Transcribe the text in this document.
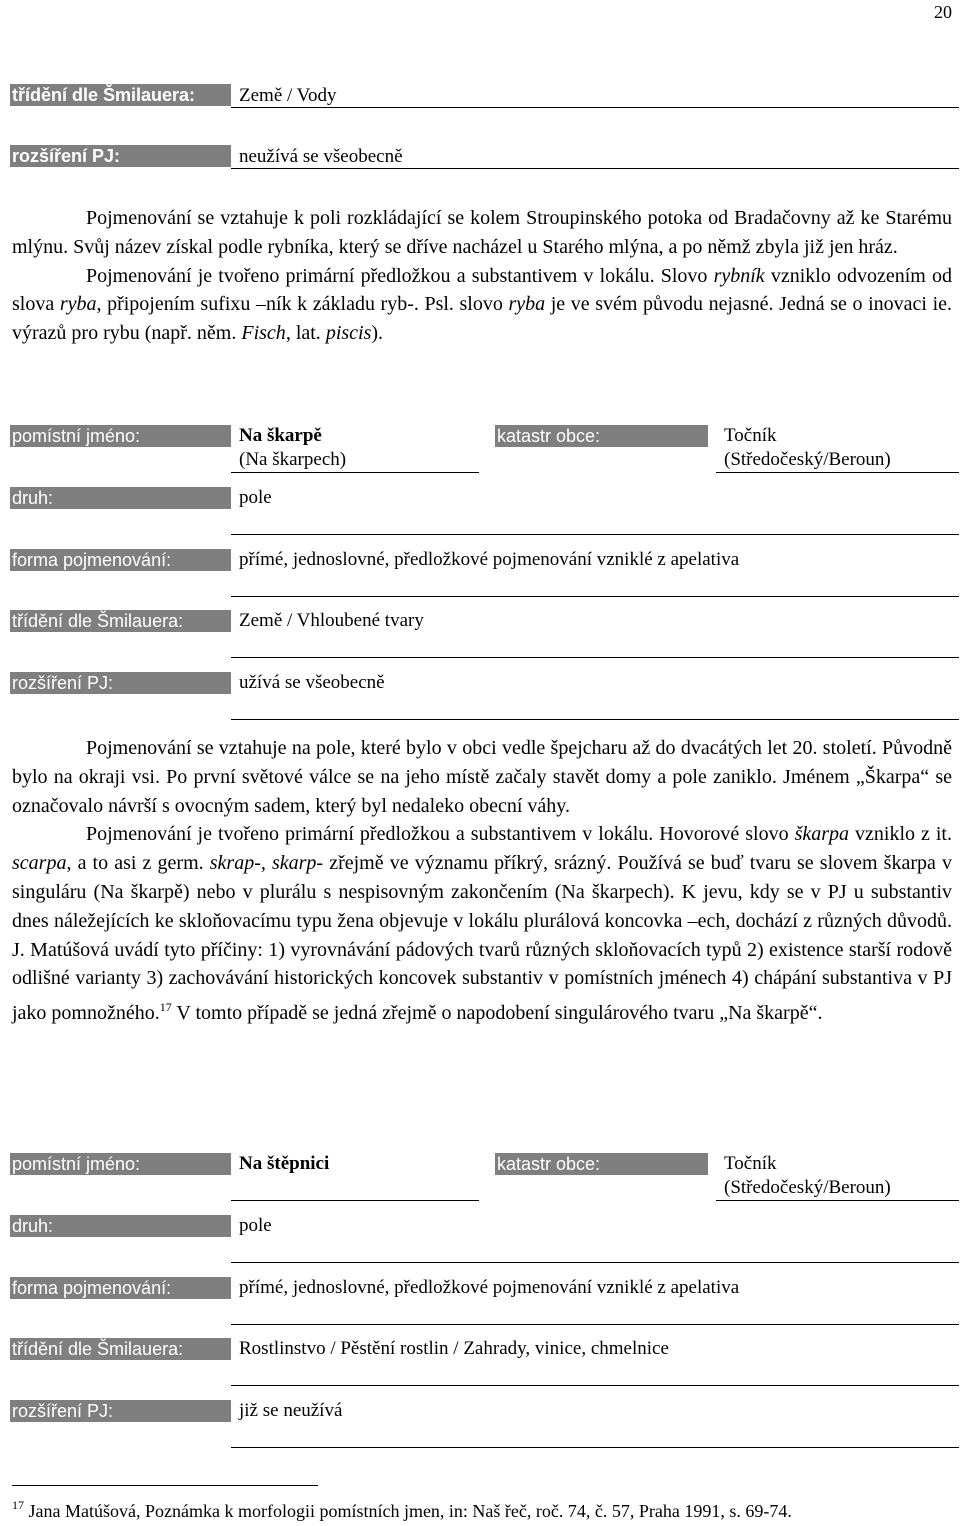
20
třídění dle Šmilauera:	Země / Vody
rozšíření PJ:	neužívá se všeobecně

Pojmenování se vztahuje k poli rozkládající se kolem Stroupinského potoka od Bradačovny až ke Starému mlýnu. Svůj název získal podle rybníka, který se dříve nacházel u Starého mlýna, a po němž zbyla již jen hráz.

Pojmenování je tvořeno primární předložkou a substantivem v lokálu. Slovo rybník vzniklo odvozením od slova ryba, připojením sufixu –ník k základu ryb-. Psl. slovo ryba je ve svém původu nejasné. Jedná se o inovaci ie. výrazů pro rybu (např. něm. Fisch, lat. piscis).

pomístní jméno:	Na škarpě
(Na škarpech)
katastr obce:	Točník
(Středočeský/Beroun)
druh:	pole
forma pojmenování:	přímé, jednoslovné, předložkové pojmenování vzniklé z apelativa
třídění dle Šmilauera:	Země / Vhloubené tvary
rozšíření PJ:	užívá se všeobecně

Pojmenování se vztahuje na pole, které bylo v obci vedle špejcharu až do dvacátých let 20. století. Původně bylo na okraji vsi. Po první světové válce se na jeho místě začaly stavět domy a pole zaniklo. Jménem „Škarpa“ se označovalo návrší s ovocným sadem, který byl nedaleko obecní váhy.

Pojmenování je tvořeno primární předložkou a substantivem v lokálu. Hovorové slovo škarpa vzniklo z it. scarpa, a to asi z germ. skrap-, skarp- zřejmě ve významu příkrý, srázný. Používá se buď tvaru se slovem škarpa v singuláru (Na škarpě) nebo v plurálu s nespisovným zakončením (Na škarpech). K jevu, kdy se v PJ u substantiv dnes náležejících ke skloňovacímu typu žena objevuje v lokálu plurálová koncovka –ech, dochází z různých důvodů. J. Matúšová uvádí tyto příčiny: 1) vyrovnávání pádových tvarů různých skloňovacích typů 2) existence starší rodově odlišné varianty 3) zachovávání historických koncovek substantiv v pomístních jménech 4) chápání substantiva v PJ jako pomnožného.$^{17}$ V tomto případě se jedná zřejmě o napodobení singulárového tvaru „Na škarpě“.

pomístní jméno:	Na štěpnici	katastr obce:	Točník
(Středočeský/Beroun)
druh:	pole
forma pojmenování:	přímé, jednoslovné, předložkové pojmenování vzniklé z apelativa
třídění dle Šmilauera:	Rostlinstvo / Pěstění rostlin / Zahrady, vinice, chmelnice
rozšíření PJ:	již se neužívá
$^{17}$ Jana Matúšová, Poznámka k morfologii pomístních jmen, in: Naš řeč, roč. 74, č. 57, Praha 1991, s. 69-74.
